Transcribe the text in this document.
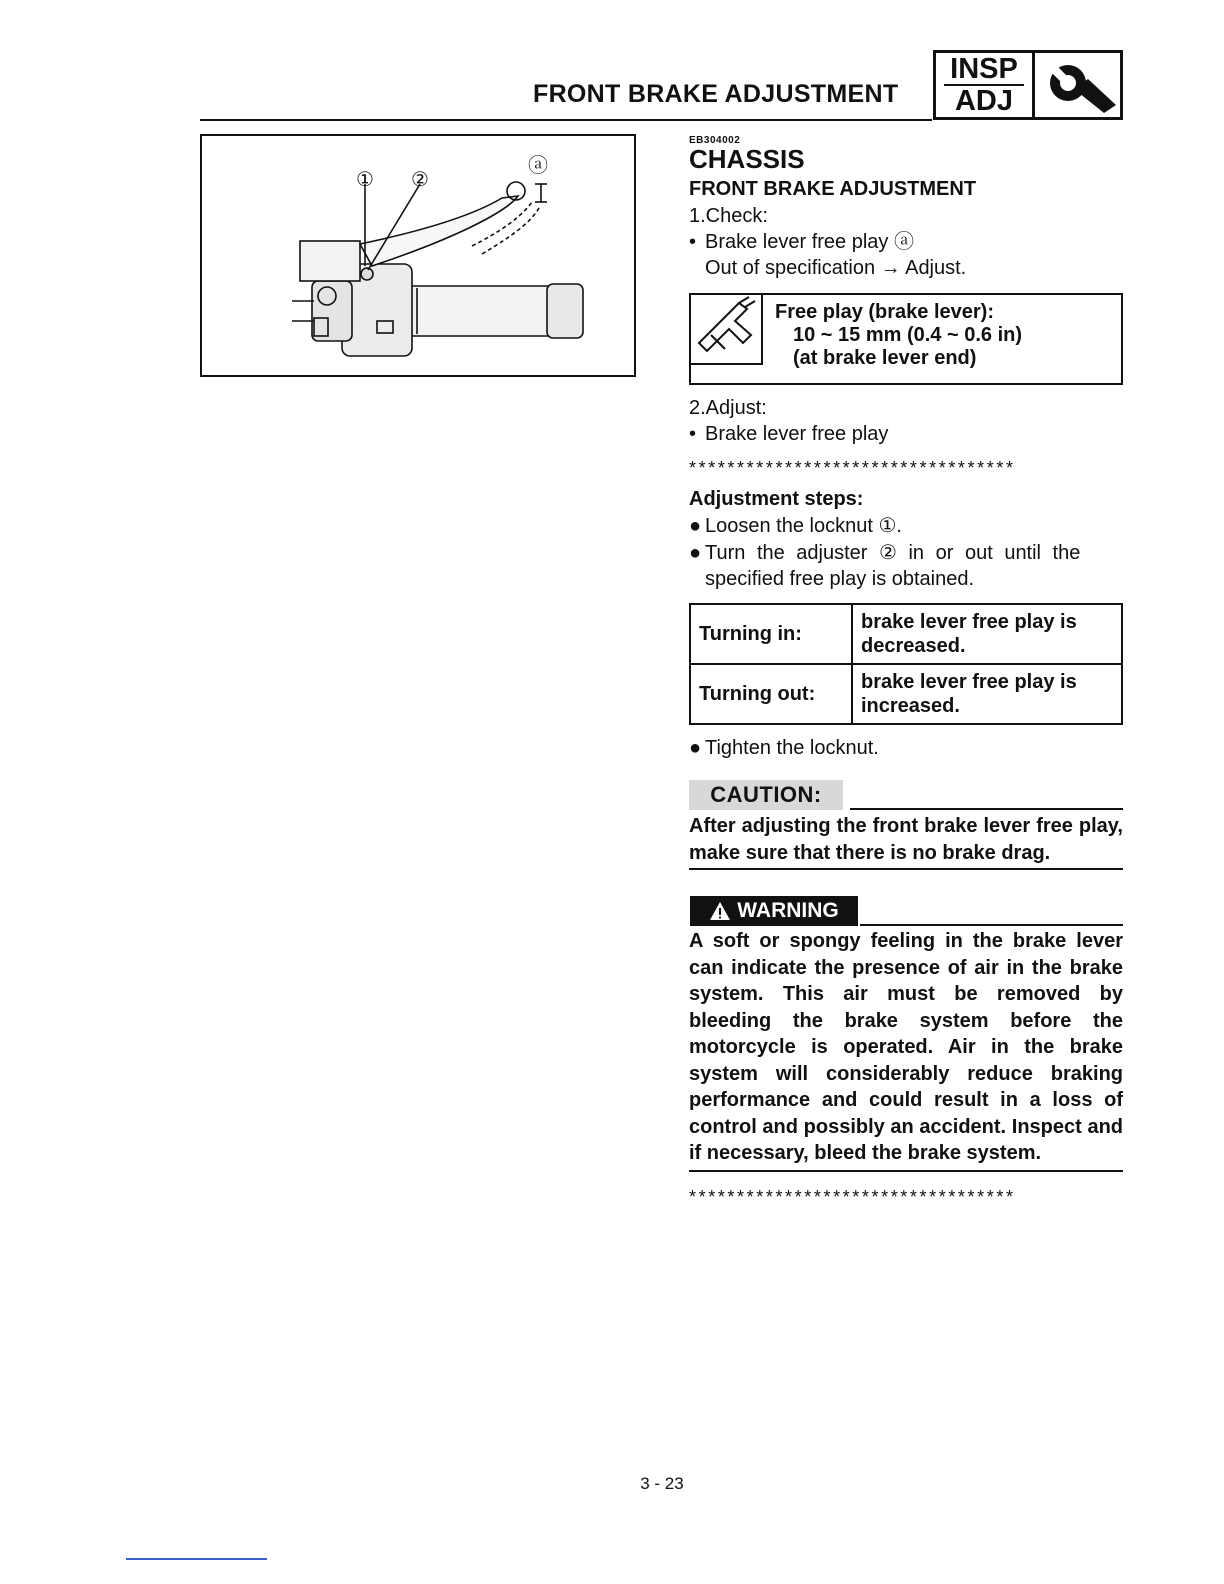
FRONT BRAKE ADJUSTMENT
INSP
ADJ
① ②
ⓐ
EB304002
CHASSIS
FRONT BRAKE ADJUSTMENT
1.Check:
• Brake lever free play ⓐ
Out of specification → Adjust.
Free play (brake lever):
10 ~ 15 mm (0.4 ~ 0.6 in)
(at brake lever end)
2.Adjust:
• Brake lever free play
**********************************
Adjustment steps:
● Loosen the locknut ①.
● Turn the adjuster ② in or out until the
specified free play is obtained.
Turning in:	brake lever free play is decreased.
Turning out:	brake lever free play is increased.
● Tighten the locknut.
CAUTION:
After adjusting the front brake lever free play, make sure that there is no brake drag.
WARNING
A soft or spongy feeling in the brake lever can indicate the presence of air in the brake system. This air must be removed by bleeding the brake system before the motorcycle is operated. Air in the brake system will considerably reduce braking performance and could result in a loss of control and possibly an accident. Inspect and if necessary, bleed the brake system.
**********************************
3 - 23
